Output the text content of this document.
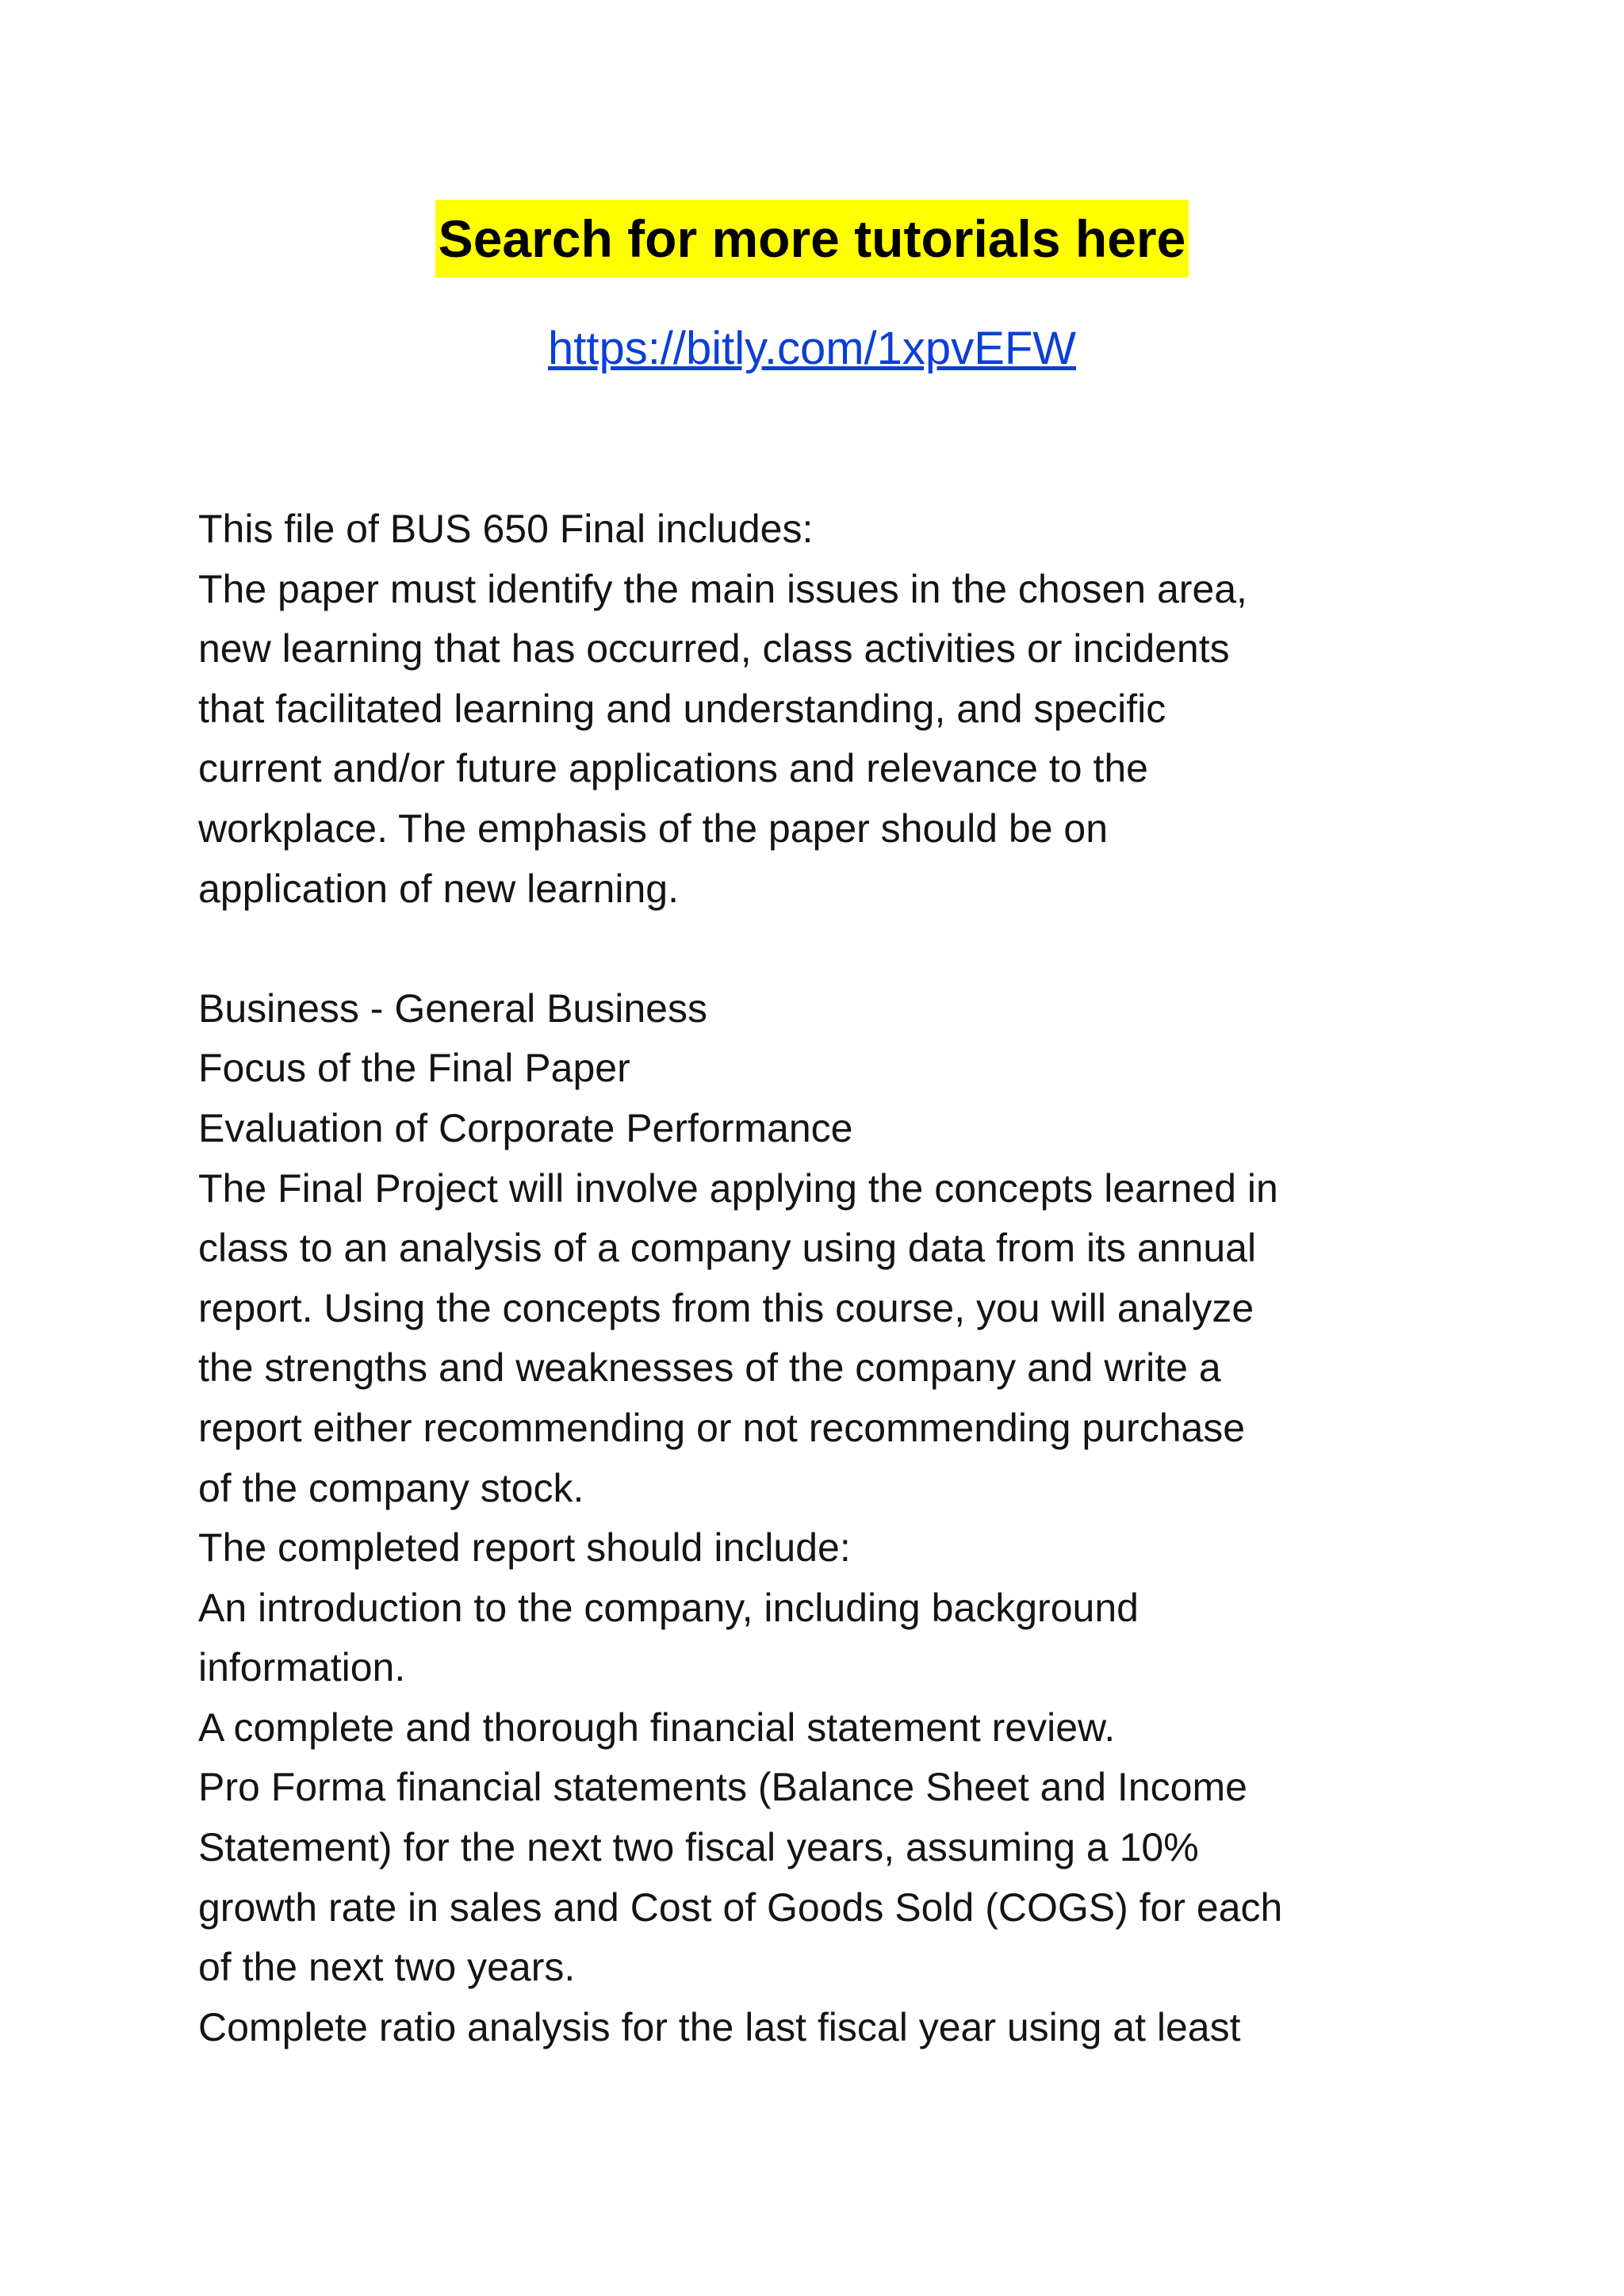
Search for more tutorials here
https://bitly.com/1xpvEFW
This file of BUS 650 Final includes:
The paper must identify the main issues in the chosen area,
new learning that has occurred, class activities or incidents
that facilitated learning and understanding, and specific
current and/or future applications and relevance to the
workplace. The emphasis of the paper should be on
application of new learning.
Business - General Business
Focus of the Final Paper
Evaluation of Corporate Performance
The Final Project will involve applying the concepts learned in
class to an analysis of a company using data from its annual
report. Using the concepts from this course, you will analyze
the strengths and weaknesses of the company and write a
report either recommending or not recommending purchase
of the company stock.
The completed report should include:
An introduction to the company, including background
information.
A complete and thorough financial statement review.
Pro Forma financial statements (Balance Sheet and Income
Statement) for the next two fiscal years, assuming a 10%
growth rate in sales and Cost of Goods Sold (COGS) for each
of the next two years.
Complete ratio analysis for the last fiscal year using at least
